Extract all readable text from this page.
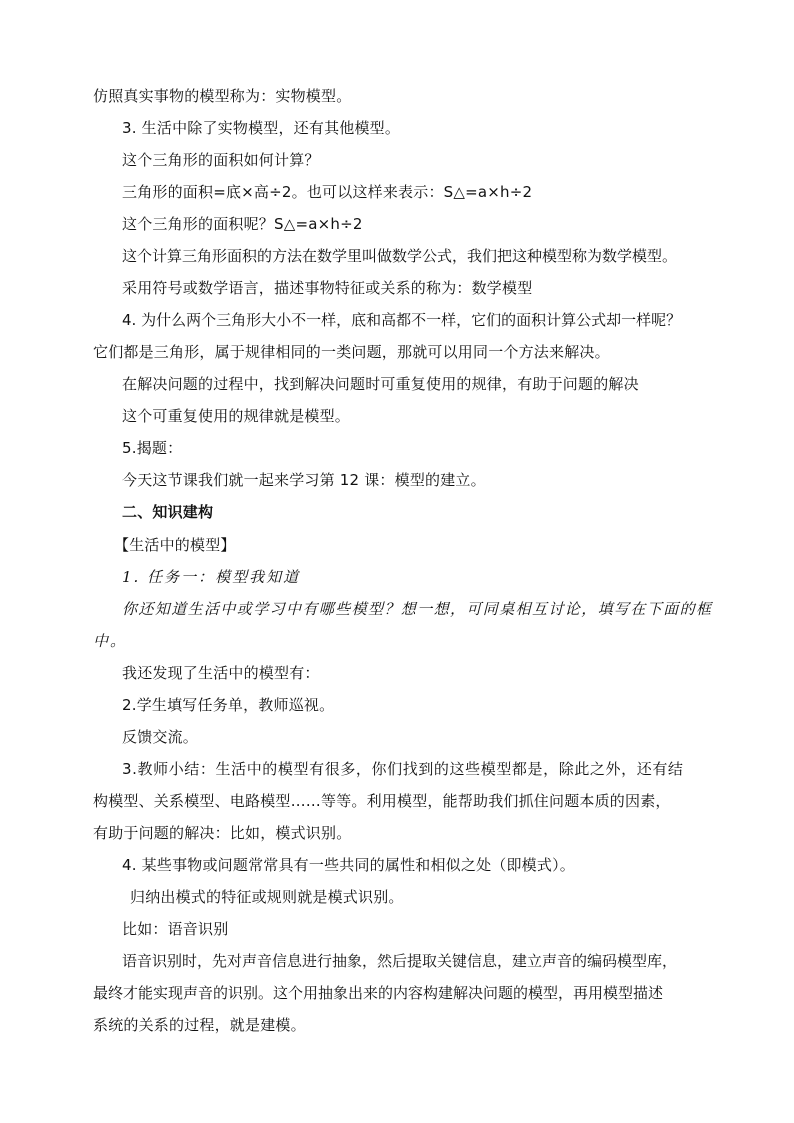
仿照真实事物的模型称为：实物模型。
3. 生活中除了实物模型，还有其他模型。
这个三角形的面积如何计算？
三角形的面积=底×高÷2。也可以这样来表示：S△=a×h÷2
这个三角形的面积呢？S△=a×h÷2
这个计算三角形面积的方法在数学里叫做数学公式，我们把这种模型称为数学模型。
采用符号或数学语言，描述事物特征或关系的称为：数学模型
4. 为什么两个三角形大小不一样，底和高都不一样，它们的面积计算公式却一样呢？
它们都是三角形，属于规律相同的一类问题，那就可以用同一个方法来解决。
在解决问题的过程中，找到解决问题时可重复使用的规律，有助于问题的解决
这个可重复使用的规律就是模型。
5.揭题：
今天这节课我们就一起来学习第 12 课：模型的建立。
二、知识建构
【生活中的模型】
1. 任务一：模型我知道
你还知道生活中或学习中有哪些模型？想一想，可同桌相互讨论，填写在下面的框
中。
我还发现了生活中的模型有：
2.学生填写任务单，教师巡视。
反馈交流。
3.教师小结：生活中的模型有很多，你们找到的这些模型都是，除此之外，还有结
构模型、关系模型、电路模型……等等。利用模型，能帮助我们抓住问题本质的因素，
有助于问题的解决：比如，模式识别。
4. 某些事物或问题常常具有一些共同的属性和相似之处（即模式）。
归纳出模式的特征或规则就是模式识别。
比如：语音识别
语音识别时，先对声音信息进行抽象，然后提取关键信息，建立声音的编码模型库，
最终才能实现声音的识别。这个用抽象出来的内容构建解决问题的模型，再用模型描述
系统的关系的过程，就是建模。
